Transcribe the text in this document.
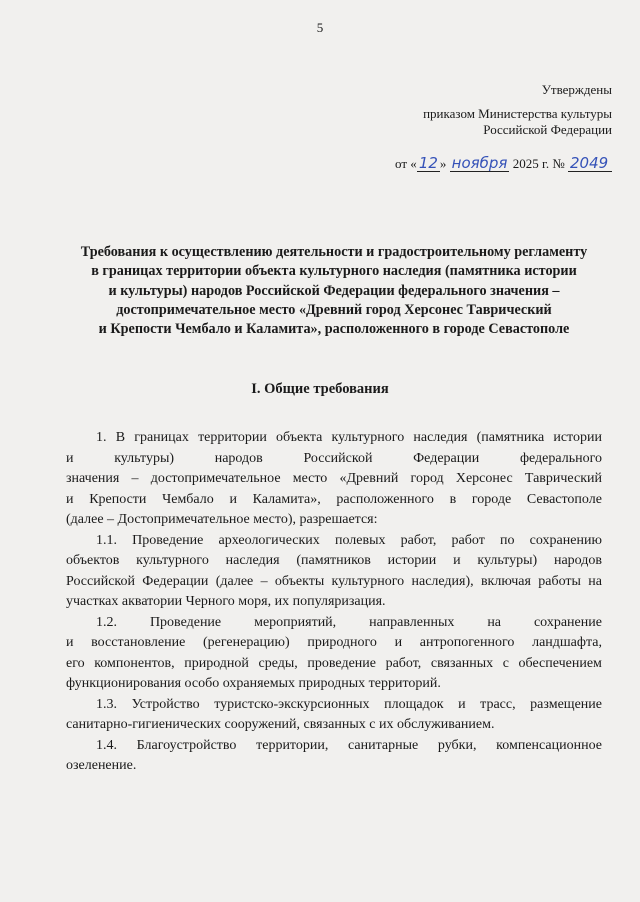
5
Утверждены
приказом Министерства культуры
Российской Федерации
от « 12 » ноября 2025 г. № 2049
Требования к осуществлению деятельности и градостроительному регламенту
в границах территории объекта культурного наследия (памятника истории
и культуры) народов Российской Федерации федерального значения –
достопримечательное место «Древний город Херсонес Таврический
и Крепости Чембало и Каламита», расположенного в городе Севастополе
I. Общие требования
1. В границах территории объекта культурного наследия (памятника истории
и	культуры)	народов	Российской	Федерации	федерального
значения – достопримечательное место «Древний город Херсонес Таврический
и Крепости Чембало и Каламита», расположенного в городе Севастополе
(далее – Достопримечательное место), разрешается:
1.1. Проведение археологических полевых работ, работ по сохранению
объектов культурного наследия (памятников истории и культуры) народов
Российской Федерации (далее – объекты культурного наследия), включая работы на
участках акватории Черного моря, их популяризация.
1.2. Проведение мероприятий, направленных на сохранение
и восстановление (регенерацию) природного и антропогенного ландшафта,
его компонентов, природной среды, проведение работ, связанных с обеспечением
функционирования особо охраняемых природных территорий.
1.3. Устройство туристско-экскурсионных площадок и трасс, размещение
санитарно-гигиенических сооружений, связанных с их обслуживанием.
1.4. Благоустройство территории, санитарные рубки, компенсационное
озеленение.
